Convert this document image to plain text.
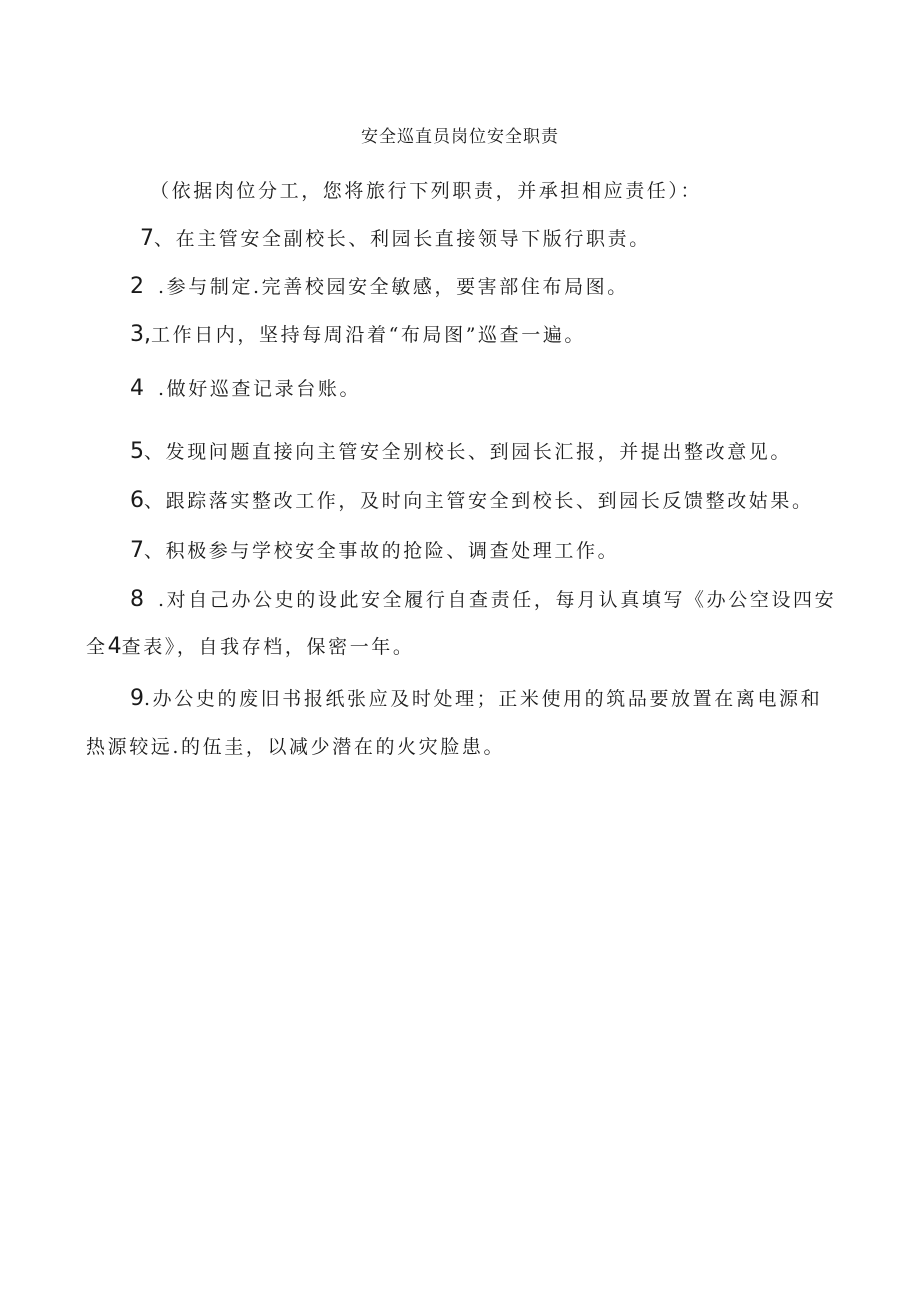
安全巡直员岗位安全职责
（依据肉位分工，您将旅行下列职责，并承担相应责任）：
7、在主管安全副校长、利园长直接领导下版行职责。
2 .参与制定.完善校园安全敏感，要害部住布局图。
3,工作日内，坚持每周沿着“布局图”巡查一遍。
4 .做好巡查记录台账。
5、发现问题直接向主管安全别校长、到园长汇报，并提出整改意见。
6、跟踪落实整改工作，及时向主管安全到校长、到园长反馈整改姑果。
7、积极参与学校安全事故的抢险、调查处理工作。
8 .对自己办公史的设此安全履行自查责任，每月认真填写《办公空设四安
全4查表》，自我存档，保密一年。
9.办公史的废旧书报纸张应及时处理；正米使用的筑品要放置在离电源和
热源较远.的伍圭，以减少潜在的火灾脸患。
